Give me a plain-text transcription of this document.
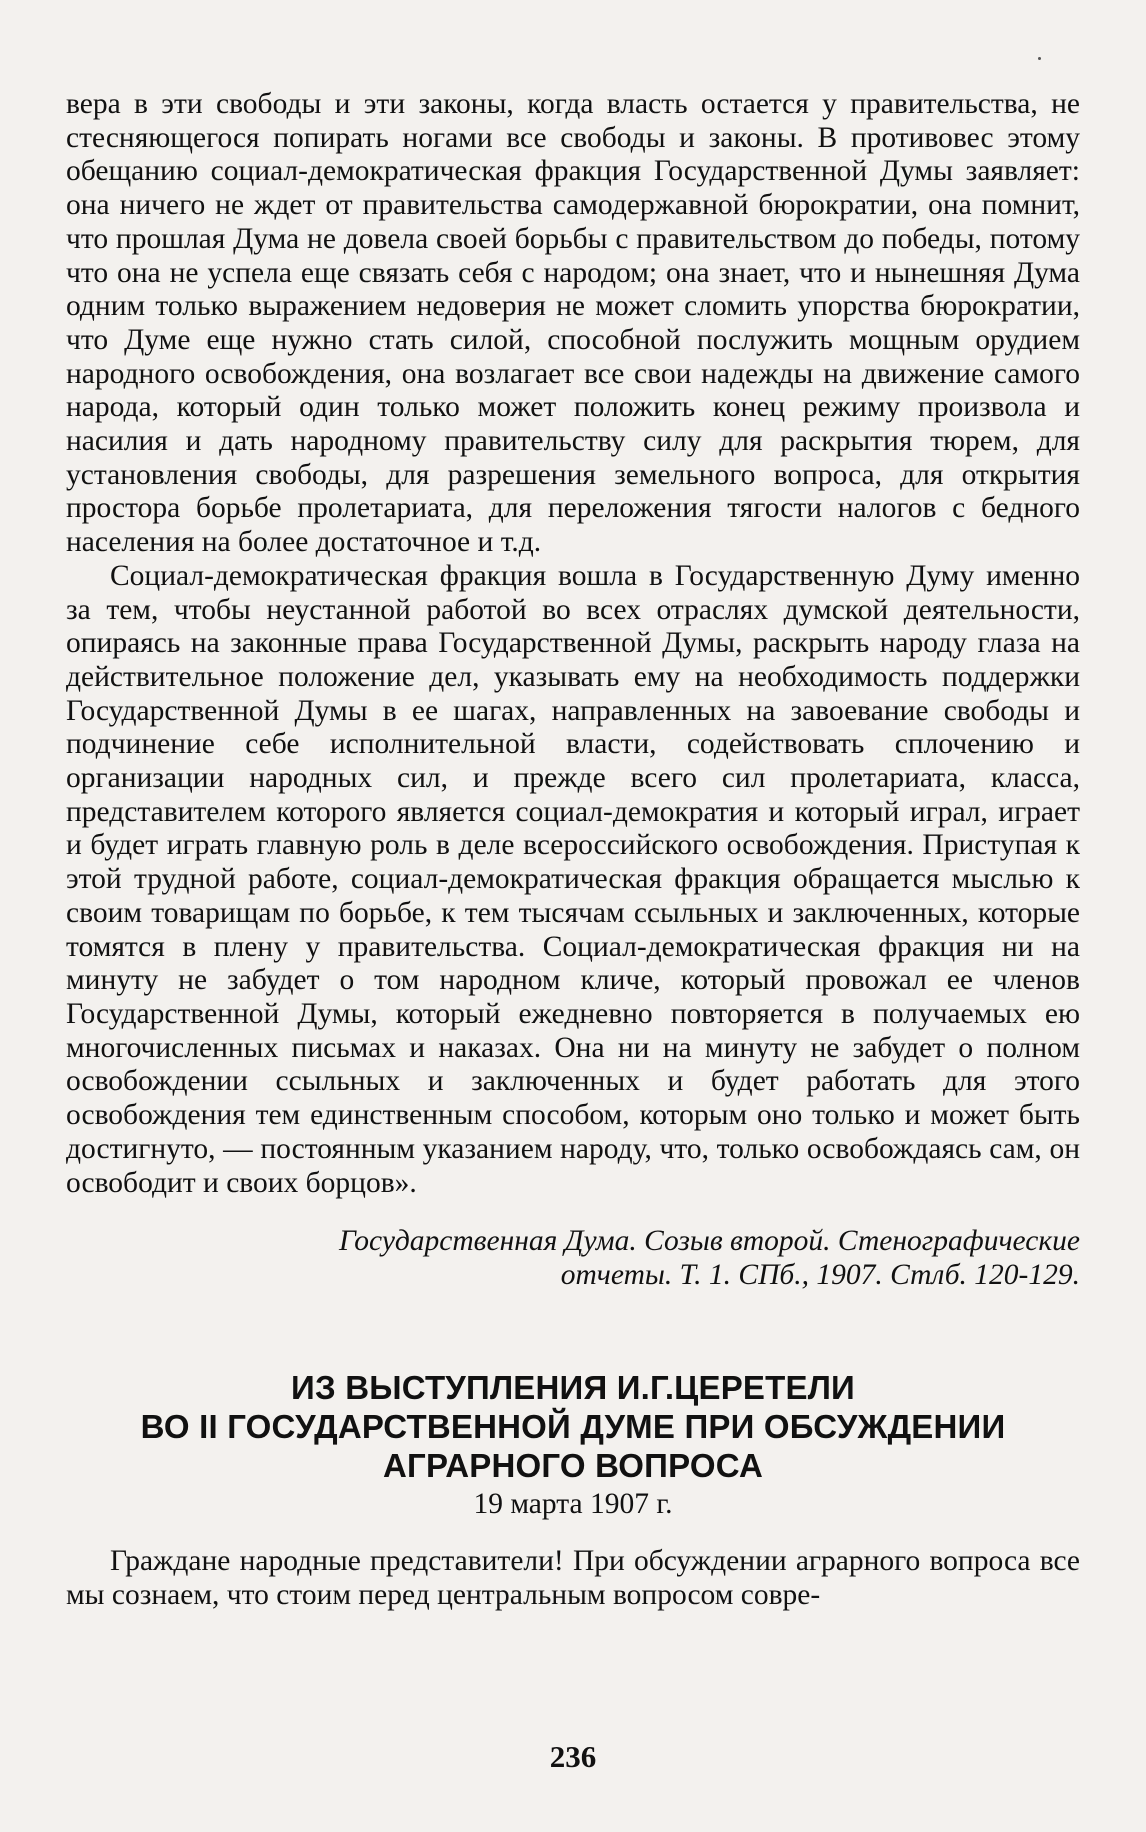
вера в эти свободы и эти законы, когда власть остается у правительства, не стесняющегося попирать ногами все свободы и законы. В противовес этому обещанию социал-демократическая фракция Государственной Думы заявляет: она ничего не ждет от правительства самодержавной бюрократии, она помнит, что прошлая Дума не довела своей борьбы с правительством до победы, потому что она не успела еще связать себя с народом; она знает, что и нынешняя Дума одним только выражением недоверия не может сломить упорства бюрократии, что Думе еще нужно стать силой, способной послужить мощным орудием народного освобождения, она возлагает все свои надежды на движение самого народа, который один только может положить конец режиму произвола и насилия и дать народному правительству силу для раскрытия тюрем, для установления свободы, для разрешения земельного вопроса, для открытия простора борьбе пролетариата, для переложения тягости налогов с бедного населения на более достаточное и т.д.

Социал-демократическая фракция вошла в Государственную Думу именно за тем, чтобы неустанной работой во всех отраслях думской деятельности, опираясь на законные права Государственной Думы, раскрыть народу глаза на действительное положение дел, указывать ему на необходимость поддержки Государственной Думы в ее шагах, направленных на завоевание свободы и подчинение себе исполнительной власти, содействовать сплочению и организации народных сил, и прежде всего сил пролетариата, класса, представителем которого является социал-демократия и который играл, играет и будет играть главную роль в деле всероссийского освобождения. Приступая к этой трудной работе, социал-демократическая фракция обращается мыслью к своим товарищам по борьбе, к тем тысячам ссыльных и заключенных, которые томятся в плену у правительства. Социал-демократическая фракция ни на минуту не забудет о том народном кличе, который провожал ее членов Государственной Думы, который ежедневно повторяется в получаемых ею многочисленных письмах и наказах. Она ни на минуту не забудет о полном освобождении ссыльных и заключенных и будет работать для этого освобождения тем единственным способом, которым оно только и может быть достигнуто, — постоянным указанием народу, что, только освобождаясь сам, он освободит и своих борцов».

Государственная Дума. Созыв второй. Стенографические
отчеты. Т. 1. СПб., 1907. Стлб. 120-129.
ИЗ ВЫСТУПЛЕНИЯ И.Г.ЦЕРЕТЕЛИ
ВО II ГОСУДАРСТВЕННОЙ ДУМЕ ПРИ ОБСУЖДЕНИИ
АГРАРНОГО ВОПРОСА
19 марта 1907 г.

Граждане народные представители! При обсуждении аграрного вопроса все мы сознаем, что стоим перед центральным вопросом совре-

236
